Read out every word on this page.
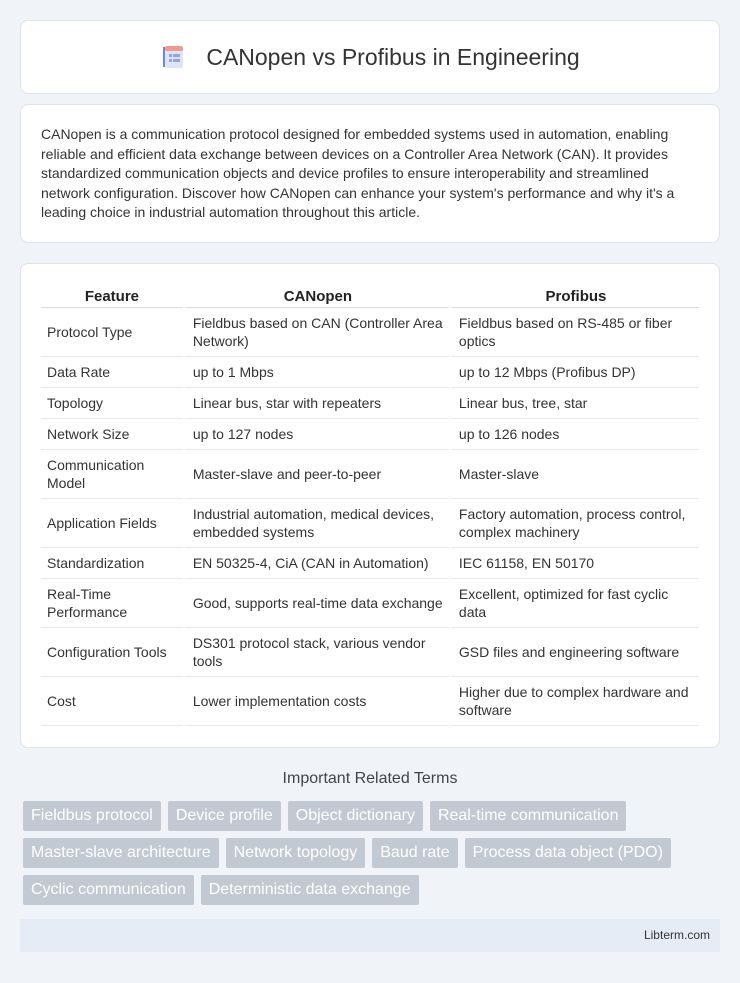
CANopen vs Profibus in Engineering

CANopen is a communication protocol designed for embedded systems used in automation, enabling reliable and efficient data exchange between devices on a Controller Area Network (CAN). It provides standardized communication objects and device profiles to ensure interoperability and streamlined network configuration. Discover how CANopen can enhance your system's performance and why it's a leading choice in industrial automation throughout this article.

Feature	CANopen	Profibus
Protocol Type	Fieldbus based on CAN (Controller Area Network)	Fieldbus based on RS-485 or fiber optics
Data Rate	up to 1 Mbps	up to 12 Mbps (Profibus DP)
Topology	Linear bus, star with repeaters	Linear bus, tree, star
Network Size	up to 127 nodes	up to 126 nodes
Communication Model	Master-slave and peer-to-peer	Master-slave
Application Fields	Industrial automation, medical devices, embedded systems	Factory automation, process control, complex machinery
Standardization	EN 50325-4, CiA (CAN in Automation)	IEC 61158, EN 50170
Real-Time Performance	Good, supports real-time data exchange	Excellent, optimized for fast cyclic data
Configuration Tools	DS301 protocol stack, various vendor tools	GSD files and engineering software
Cost	Lower implementation costs	Higher due to complex hardware and software
Important Related Terms
Fieldbus protocol	Device profile	Object dictionary	Real-time communication
Master-slave architecture	Network topology	Baud rate	Process data object (PDO)
Cyclic communication	Deterministic data exchange
Libterm.com
